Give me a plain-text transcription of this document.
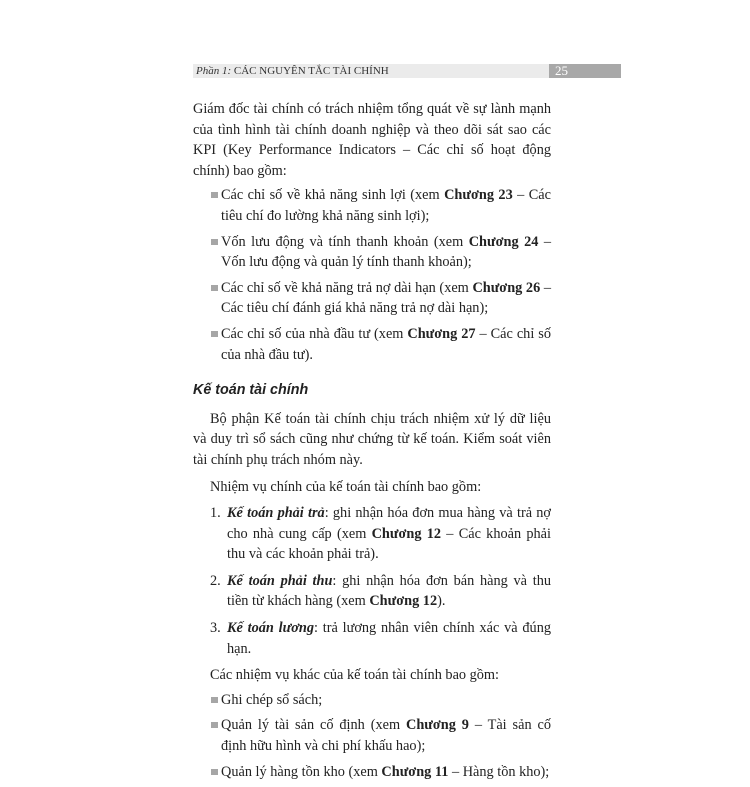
Phần 1: CÁC NGUYÊN TẮC TÀI CHÍNH	25

Giám đốc tài chính có trách nhiệm tổng quát về sự lành mạnh của tình hình tài chính doanh nghiệp và theo dõi sát sao các KPI (Key Performance Indicators – Các chỉ số hoạt động chính) bao gồm:

Các chỉ số về khả năng sinh lợi (xem Chương 23 – Các tiêu chí đo lường khả năng sinh lợi);
Vốn lưu động và tính thanh khoản (xem Chương 24 – Vốn lưu động và quản lý tính thanh khoản);
Các chỉ số về khả năng trả nợ dài hạn (xem Chương 26 – Các tiêu chí đánh giá khả năng trả nợ dài hạn);
Các chỉ số của nhà đầu tư (xem Chương 27 – Các chỉ số của nhà đầu tư).
Kế toán tài chính

Bộ phận Kế toán tài chính chịu trách nhiệm xử lý dữ liệu và duy trì sổ sách cũng như chứng từ kế toán. Kiểm soát viên tài chính phụ trách nhóm này.

Nhiệm vụ chính của kế toán tài chính bao gồm:

1. Kế toán phải trả: ghi nhận hóa đơn mua hàng và trả nợ cho nhà cung cấp (xem Chương 12 – Các khoản phải thu và các khoản phải trả).
2. Kế toán phải thu: ghi nhận hóa đơn bán hàng và thu tiền từ khách hàng (xem Chương 12).
3. Kế toán lương: trả lương nhân viên chính xác và đúng hạn.

Các nhiệm vụ khác của kế toán tài chính bao gồm:

Ghi chép sổ sách;
Quản lý tài sản cố định (xem Chương 9 – Tài sản cố định hữu hình và chi phí khấu hao);
Quản lý hàng tồn kho (xem Chương 11 – Hàng tồn kho);
